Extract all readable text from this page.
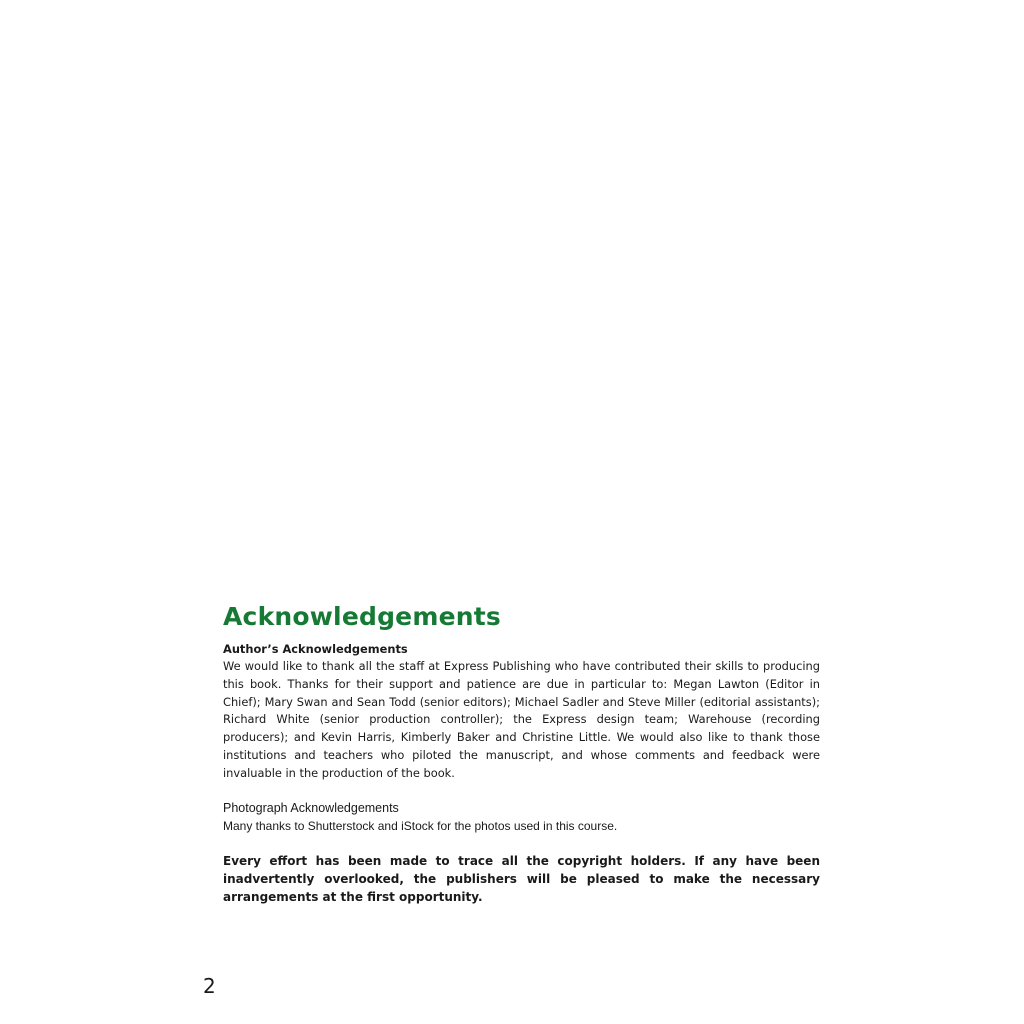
Acknowledgements
Author’s Acknowledgements

We would like to thank all the staff at Express Publishing who have contributed their skills to producing this book. Thanks for their support and patience are due in particular to: Megan Lawton (Editor in Chief); Mary Swan and Sean Todd (senior editors); Michael Sadler and Steve Miller (editorial assistants); Richard White (senior production controller); the Express design team; Warehouse (recording producers); and Kevin Harris, Kimberly Baker and Christine Little. We would also like to thank those institutions and teachers who piloted the manuscript, and whose comments and feedback were invaluable in the production of the book.

Photograph Acknowledgements

Many thanks to Shutterstock and iStock for the photos used in this course.

Every effort has been made to trace all the copyright holders. If any have been inadvertently overlooked, the publishers will be pleased to make the necessary arrangements at the first opportunity.

2
